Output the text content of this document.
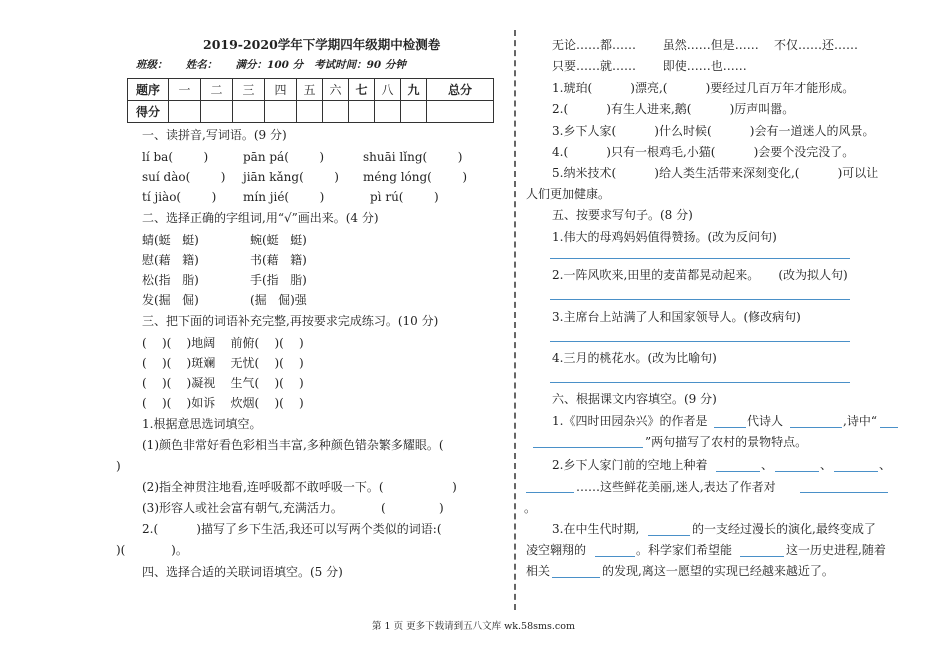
2019-2020学年下学期四年级期中检测卷
班级：     姓名：     满分：100 分   考试时间：90 分钟
题序	一	二	三	四	五	六	七	八	九	总分
得分										
一、读拼音,写词语。(9 分)
lí ba(        )	pān pá(        )	shuāi lǐng(        )
suí dào(        ) jiān kǎng(        ) méng lóng(        )
tí jiào(        ) mín jié(        )	pì rú(        )
二、选择正确的字组词,用“√”画出来。(4 分)
蜻(蜓   蜓)	蜿(蜓   蜓)
慰(藉   籍)	书(藉   籍)
松(指   脂)	手(指   脂)
发(掘   倔)	(掘   倔)强
三、把下面的词语补充完整,再按要求完成练习。(10 分)
(    )(    )地阔    前俯(    )(    )
(    )(    )斑斓    无忧(    )(    )
(    )(    )凝视    生气(    )(    )
(    )(    )如诉    炊烟(    )(    )
1.根据意思选词填空。
(1)颜色非常好看色彩相当丰富,多种颜色错杂繁多耀眼。(
)
(2)指全神贯注地看,连呼吸都不敢呼吸一下。(                  )
(3)形容人或社会富有朝气,充满活力。          (              )
2.(          )描写了乡下生活,我还可以写两个类似的词语:(
)(            )。
四、选择合适的关联词语填空。(5 分)
无论……都……       虽然……但是……    不仅……还……
只要……就……       即使……也……
1.琥珀(          )漂亮,(          )要经过几百万年才能形成。
2.(          )有生人进来,鹅(          )厉声叫嚣。
3.乡下人家(          )什么时候(          )会有一道迷人的风景。
4.(          )只有一根鸡毛,小猫(          )会要个没完没了。
5.纳米技术(          )给人类生活带来深刻变化,(          )可以让
人们更加健康。
五、按要求写句子。(8 分)
1.伟大的母鸡妈妈值得赞扬。(改为反问句)
2.一阵风吹来,田里的麦苗都晃动起来。     (改为拟人句)
3.主席台上站满了人和国家领导人。(修改病句)
4.三月的桃花水。(改为比喻句)
六、根据课文内容填空。(9 分)
1.《四时田园杂兴》的作者是	代诗人	,诗中“
”两句描写了农村的景物特点。
2.乡下人家门前的空地上种着	、	、	、
……这些鲜花美丽,迷人,表达了作者对
。
3.在中生代时期,	的一支经过漫长的演化,最终变成了
凌空翱翔的	。科学家们希望能	这一历史进程,随着
相关	的发现,离这一愿望的实现已经越来越近了。
第 1 页 更多下载请到五八文库 wk.58sms.com
